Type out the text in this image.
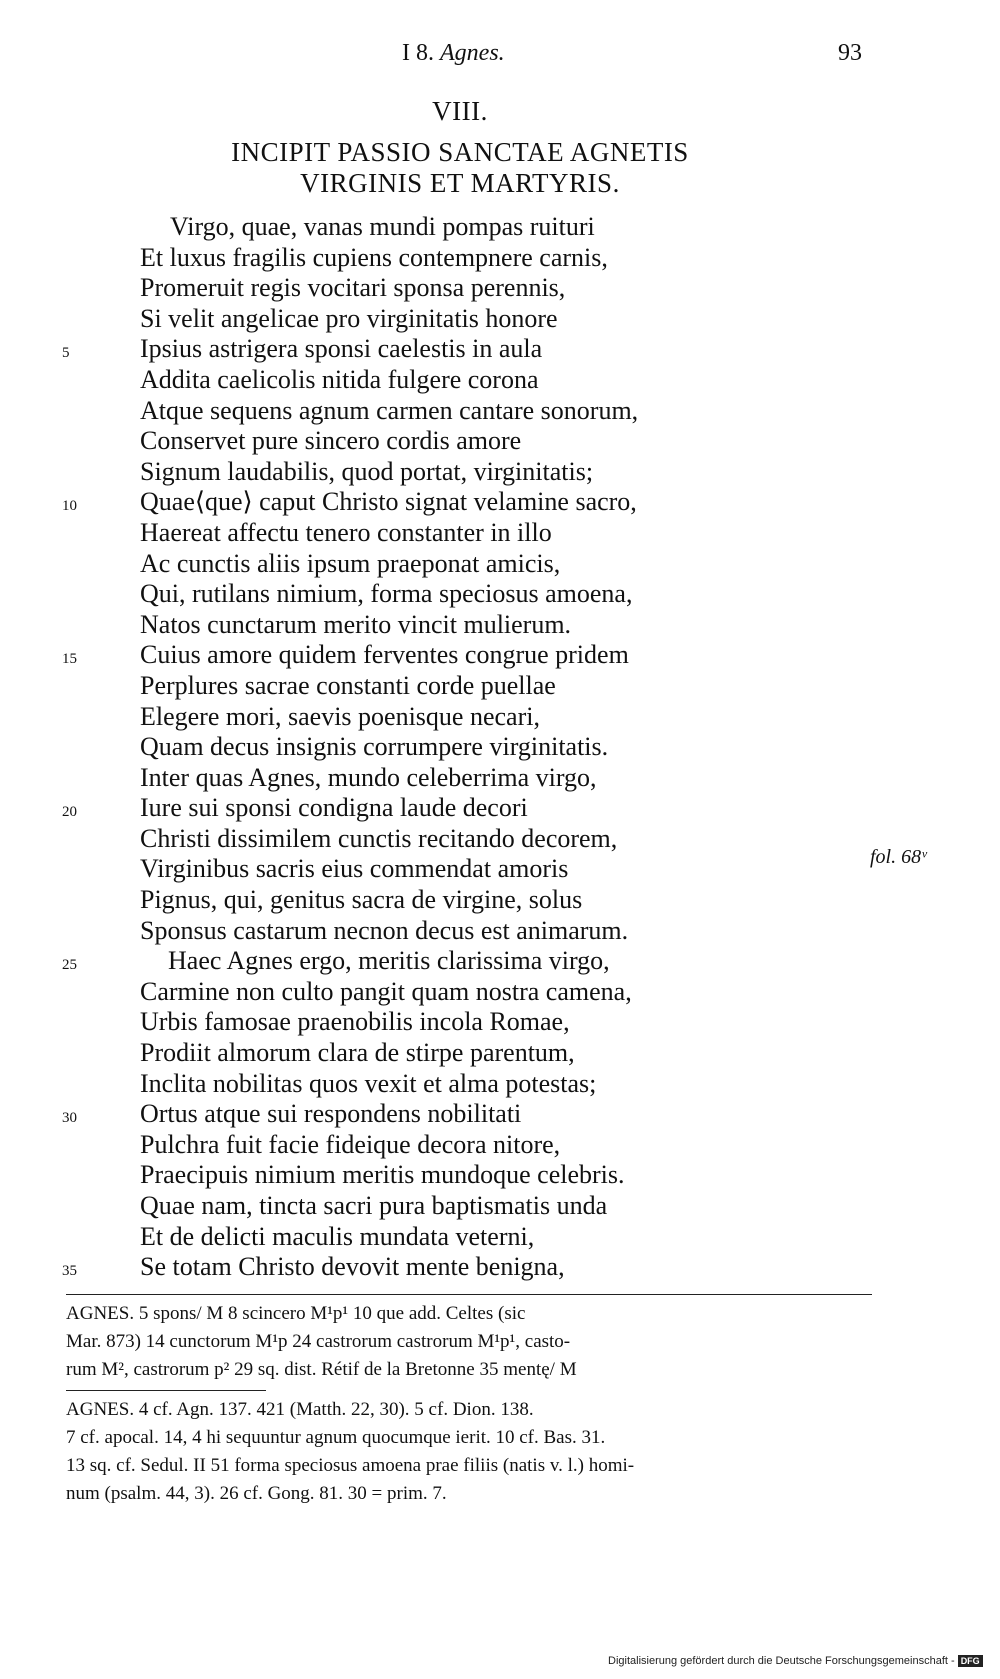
I 8. Agnes.	93
VIII.
INCIPIT PASSIO SANCTAE AGNETIS
VIRGINIS ET MARTYRIS.
Virgo, quae, vanas mundi pompas ruituri
Et luxus fragilis cupiens contempnere carnis,
Promeruit regis vocitari sponsa perennis,
Si velit angelicae pro virginitatis honore
5	Ipsius astrigera sponsi caelestis in aula
Addita caelicolis nitida fulgere corona
Atque sequens agnum carmen cantare sonorum,
Conservet pure sincero cordis amore
Signum laudabilis, quod portat, virginitatis;
10	Quae⟨que⟩ caput Christo signat velamine sacro,
Haereat affectu tenero constanter in illo
Ac cunctis aliis ipsum praeponat amicis,
Qui, rutilans nimium, forma speciosus amoena,
Natos cunctarum merito vincit mulierum.
15	Cuius amore quidem ferventes congrue pridem
Perplures sacrae constanti corde puellae
Elegere mori, saevis poenisque necari,
Quam decus insignis corrumpere virginitatis.
Inter quas Agnes, mundo celeberrima virgo,
20	Iure sui sponsi condigna laude decori
Christi dissimilem cunctis recitando decorem,
Virginibus sacris eius commendat amoris
Pignus, qui, genitus sacra de virgine, solus
Sponsus castarum necnon decus est animarum.
25	Haec Agnes ergo, meritis clarissima virgo,
Carmine non culto pangit quam nostra camena,
Urbis famosae praenobilis incola Romae,
Prodiit almorum clara de stirpe parentum,
Inclita nobilitas quos vexit et alma potestas;
30	Ortus atque sui respondens nobilitati
Pulchra fuit facie fideique decora nitore,
Praecipuis nimium meritis mundoque celebris.
Quae nam, tincta sacri pura baptismatis unda
Et de delicti maculis mundata veterni,
35	Se totam Christo devovit mente benigna,
fol. 68ᵛ
AGNES. 5 spons/ M 8 scincero M¹p¹ 10 que add. Celtes (sic
Mar. 873) 14 cunctorum M¹p 24 castrorum castrorum M¹p¹, casto-
rum M², castrorum p² 29 sq. dist. Rétif de la Bretonne 35 mentę/ M
AGNES. 4 cf. Agn. 137. 421 (Matth. 22, 30). 5 cf. Dion. 138.
7 cf. apocal. 14, 4 hi sequuntur agnum quocumque ierit. 10 cf. Bas. 31.
13 sq. cf. Sedul. II 51 forma speciosus amoena prae filiis (natis v. l.) homi-
num (psalm. 44, 3). 26 cf. Gong. 81. 30 = prim. 7.
Digitalisierung gefördert durch die Deutsche Forschungsgemeinschaft - DFG
